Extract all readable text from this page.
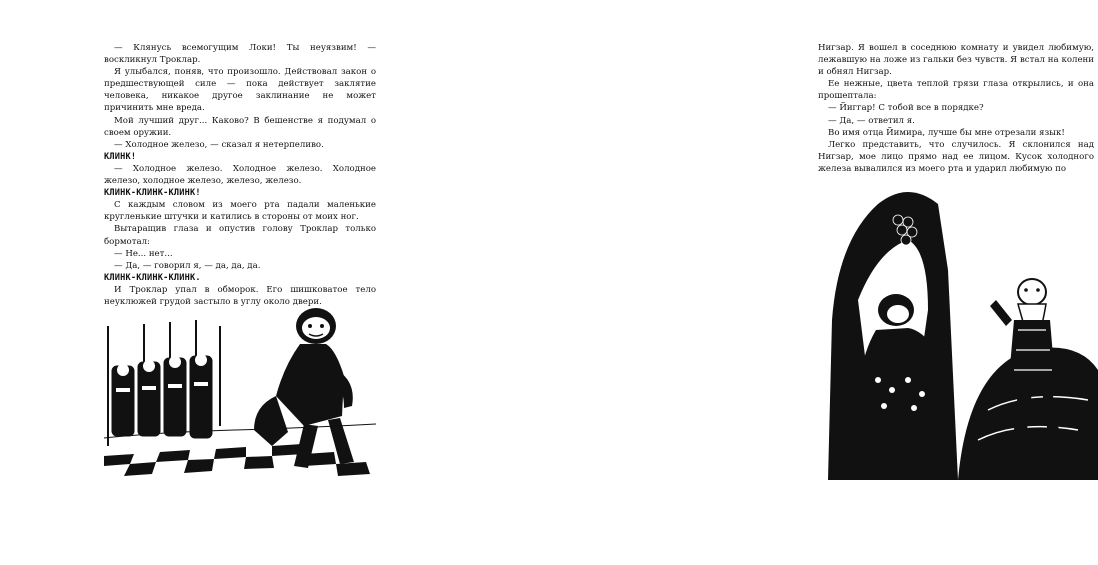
— Клянусь всемогущим Локи! Ты неуязвим! — воскликнул Троклар.

Я улыбался, поняв, что произошло. Действовал закон о предшествующей силе — пока действует заклятие человека, никакое другое заклинание не может причинить мне вреда.

Мой лучший друг... Каково? В бешенстве я подумал о своем оружии.

— Холодное железо, — сказал я нетерпеливо.

КЛИНК!

— Холодное железо. Холодное железо. Холодное железо, холодное железо, железо, железо.

КЛИНК-КЛИНК-КЛИНК!

С каждым словом из моего рта падали маленькие кругленькие штучки и катились в стороны от моих ног.

Вытаращив глаза и опустив голову Троклар только бормотал:

— Не... нет...

— Да, — говорил я, — да, да, да.

КЛИНК-КЛИНК-КЛИНК.

И Троклар упал в обморок. Его шишковатое тело неуклюжей грудой застыло в углу около двери.

Нигзар. Я вошел в соседнюю комнату и увидел любимую, лежавшую на ложе из гальки без чувств. Я встал на колени и обнял Нигзар.

Ее нежные, цвета теплой грязи глаза открылись, и она прошептала:

— Йиггар! С тобой все в порядке?

— Да, — ответил я.

Во имя отца Йимира, лучше бы мне отрезали язык!

Легко представить, что случилось. Я склонился над Нигзар, мое лицо прямо над ее лицом. Кусок холодного железа вывалился из моего рта и ударил любимую по
